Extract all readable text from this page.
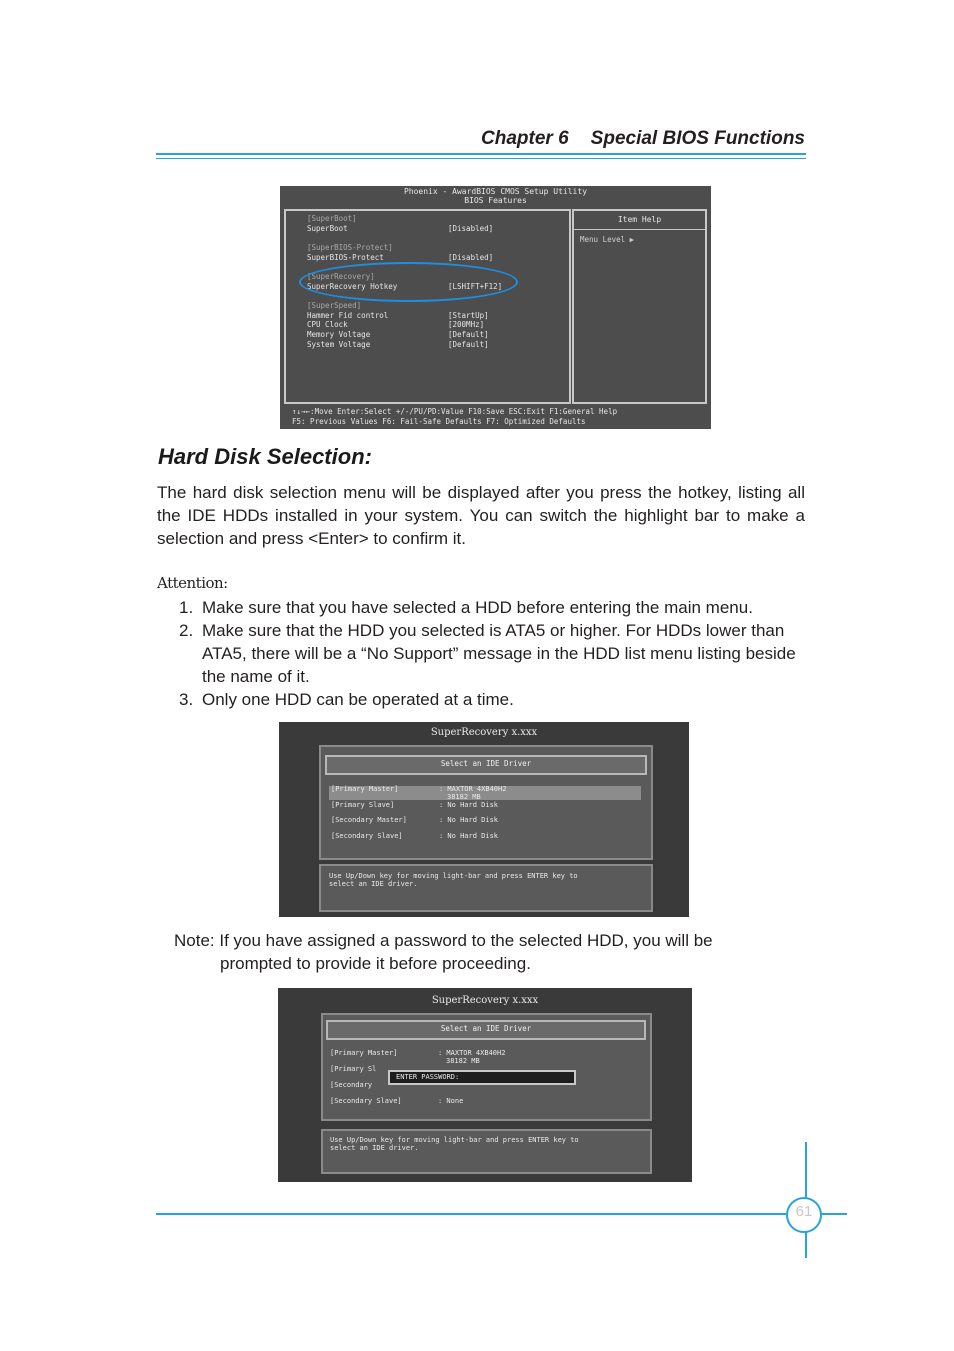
Chapter 6 Special BIOS Functions
Phoenix - AwardBIOS CMOS Setup Utility
BIOS Features
Item Help
Menu Level ▶
[SuperBoot]
SuperBoot	[Disabled]
[SuperBIOS-Protect]
SuperBIOS-Protect	[Disabled]
[SuperRecovery]
SuperRecovery Hotkey	[LSHIFT+F12]
[SuperSpeed]
Hammer Fid control	[StartUp]
CPU Clock	[200MHz]
Memory Voltage	[Default]
System Voltage	[Default]
↑↓→←:Move Enter:Select +/-/PU/PD:Value F10:Save ESC:Exit F1:General Help
F5: Previous Values F6: Fail-Safe Defaults F7: Optimized Defaults
Hard Disk Selection:
The hard disk selection menu will be displayed after you press the hotkey, listing all the IDE HDDs installed in your system. You can switch the highlight bar to make a selection and press <Enter> to confirm it.
Attention:
1. Make sure that you have selected a HDD before entering the main menu.
2. Make sure that the HDD you selected is ATA5 or higher. For HDDs lower than ATA5, there will be a “No Support” message in the HDD list menu listing beside the name of it.
3. Only one HDD can be operated at a time.
SuperRecovery x.xxx
Select an IDE Driver
[Primary Master]	: MAXTOR 4XB40H2
38182 MB
[Primary Slave]	: No Hard Disk
[Secondary Master]	: No Hard Disk
[Secondary Slave]	: No Hard Disk
Use Up/Down key for moving light-bar and press ENTER key to
select an IDE driver.
Note: If you have assigned a password to the selected HDD, you will be
prompted to provide it before proceeding.
SuperRecovery x.xxx
Select an IDE Driver
[Primary Master]	: MAXTOR 4XB40H2
38182 MB
[Primary Sl
[Secondary
[Secondary Slave]	: None
ENTER PASSWORD:
Use Up/Down key for moving light-bar and press ENTER key to
select an IDE driver.
61
